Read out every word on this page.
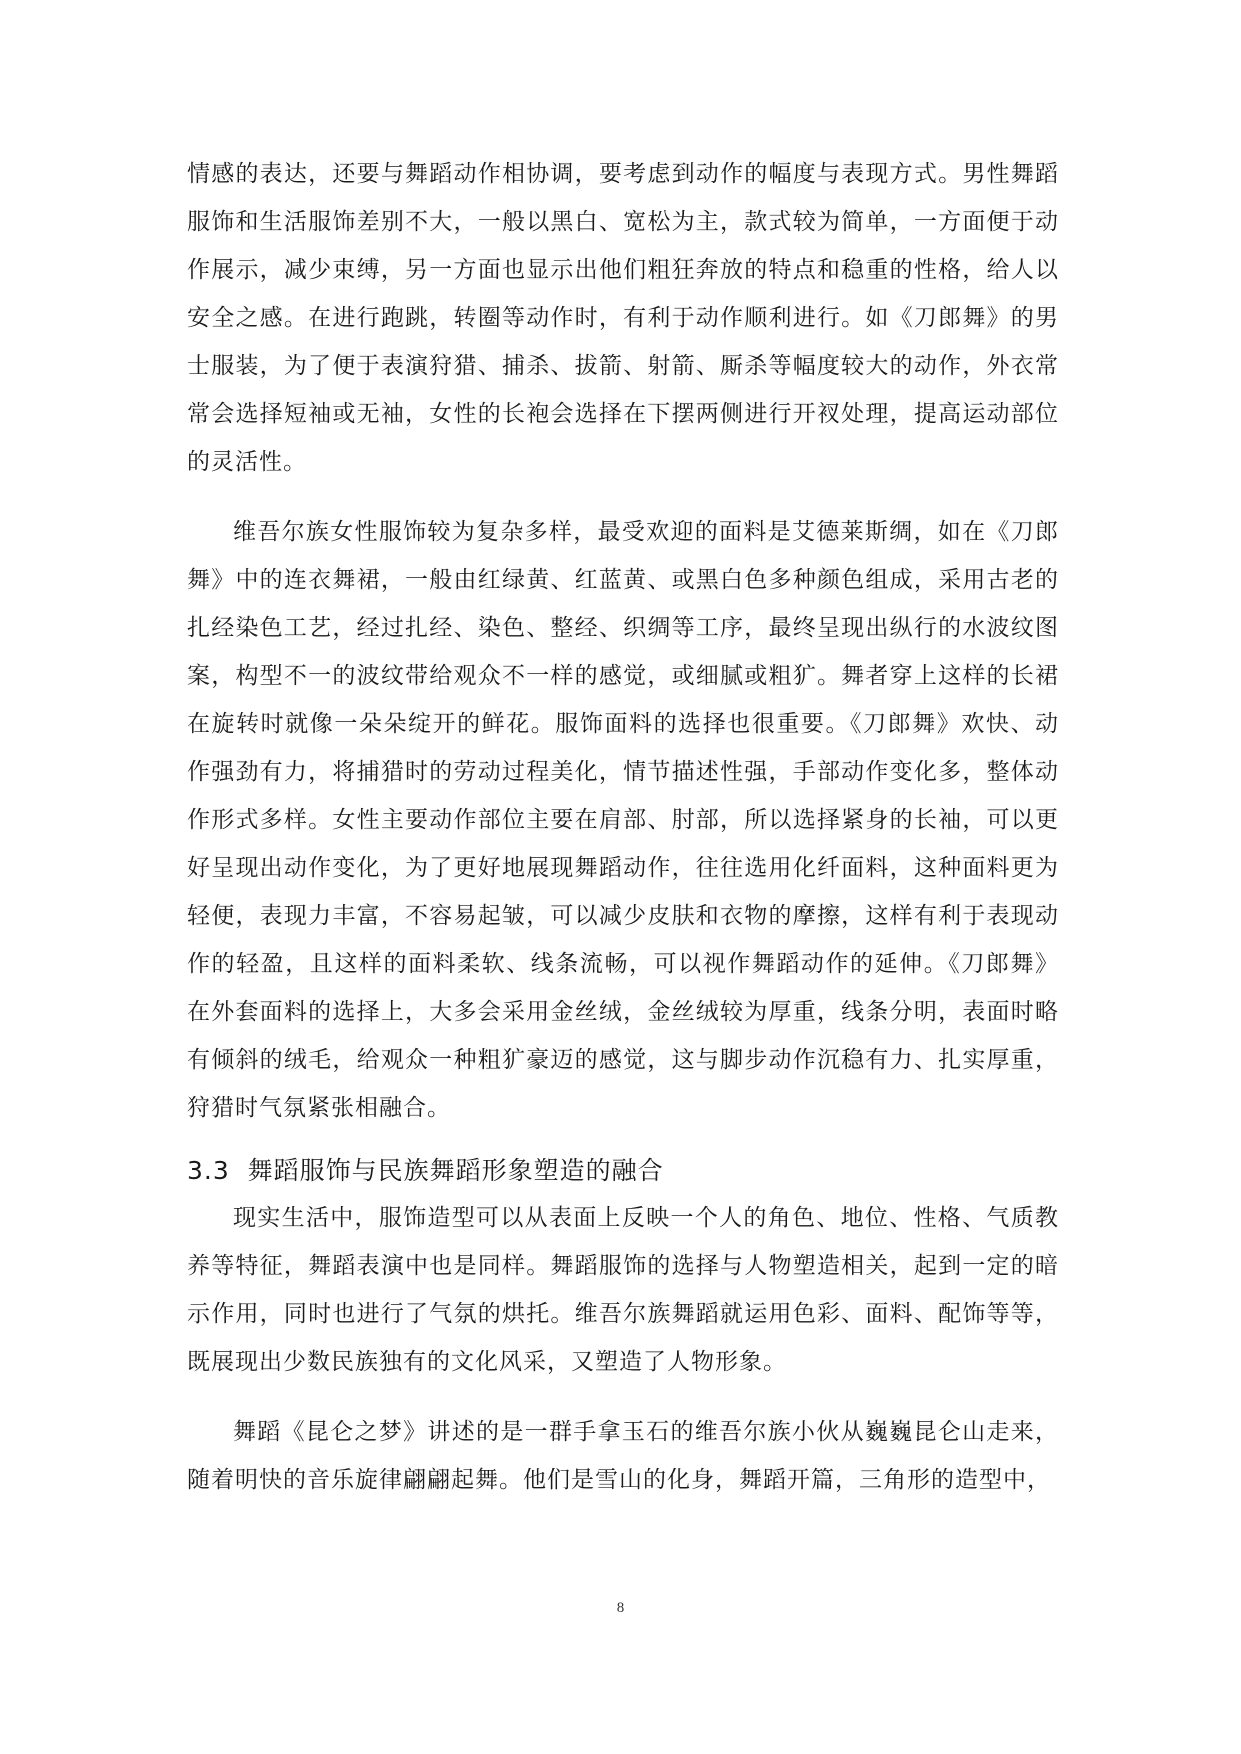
情感的表达，还要与舞蹈动作相协调，要考虑到动作的幅度与表现方式。男性舞蹈服饰和生活服饰差别不大，一般以黑白、宽松为主，款式较为简单，一方面便于动作展示，减少束缚，另一方面也显示出他们粗狂奔放的特点和稳重的性格，给人以安全之感。在进行跑跳，转圈等动作时，有利于动作顺利进行。如《刀郎舞》的男士服装，为了便于表演狩猎、捕杀、拔箭、射箭、厮杀等幅度较大的动作，外衣常常会选择短袖或无袖，女性的长袍会选择在下摆两侧进行开衩处理，提高运动部位的灵活性。

维吾尔族女性服饰较为复杂多样，最受欢迎的面料是艾德莱斯绸，如在《刀郎舞》中的连衣舞裙，一般由红绿黄、红蓝黄、或黑白色多种颜色组成，采用古老的扎经染色工艺，经过扎经、染色、整经、织绸等工序，最终呈现出纵行的水波纹图案，构型不一的波纹带给观众不一样的感觉，或细腻或粗犷。舞者穿上这样的长裙在旋转时就像一朵朵绽开的鲜花。服饰面料的选择也很重要。《刀郎舞》欢快、动作强劲有力，将捕猎时的劳动过程美化，情节描述性强，手部动作变化多，整体动作形式多样。女性主要动作部位主要在肩部、肘部，所以选择紧身的长袖，可以更好呈现出动作变化，为了更好地展现舞蹈动作，往往选用化纤面料，这种面料更为轻便，表现力丰富，不容易起皱，可以减少皮肤和衣物的摩擦，这样有利于表现动作的轻盈，且这样的面料柔软、线条流畅，可以视作舞蹈动作的延伸。《刀郎舞》在外套面料的选择上，大多会采用金丝绒，金丝绒较为厚重，线条分明，表面时略有倾斜的绒毛，给观众一种粗犷豪迈的感觉，这与脚步动作沉稳有力、扎实厚重，狩猎时气氛紧张相融合。

3.3 舞蹈服饰与民族舞蹈形象塑造的融合

现实生活中，服饰造型可以从表面上反映一个人的角色、地位、性格、气质教养等特征，舞蹈表演中也是同样。舞蹈服饰的选择与人物塑造相关，起到一定的暗示作用，同时也进行了气氛的烘托。维吾尔族舞蹈就运用色彩、面料、配饰等等，既展现出少数民族独有的文化风采，又塑造了人物形象。

舞蹈《昆仑之梦》讲述的是一群手拿玉石的维吾尔族小伙从巍巍昆仑山走来，随着明快的音乐旋律翩翩起舞。他们是雪山的化身，舞蹈开篇，三角形的造型中，

8
